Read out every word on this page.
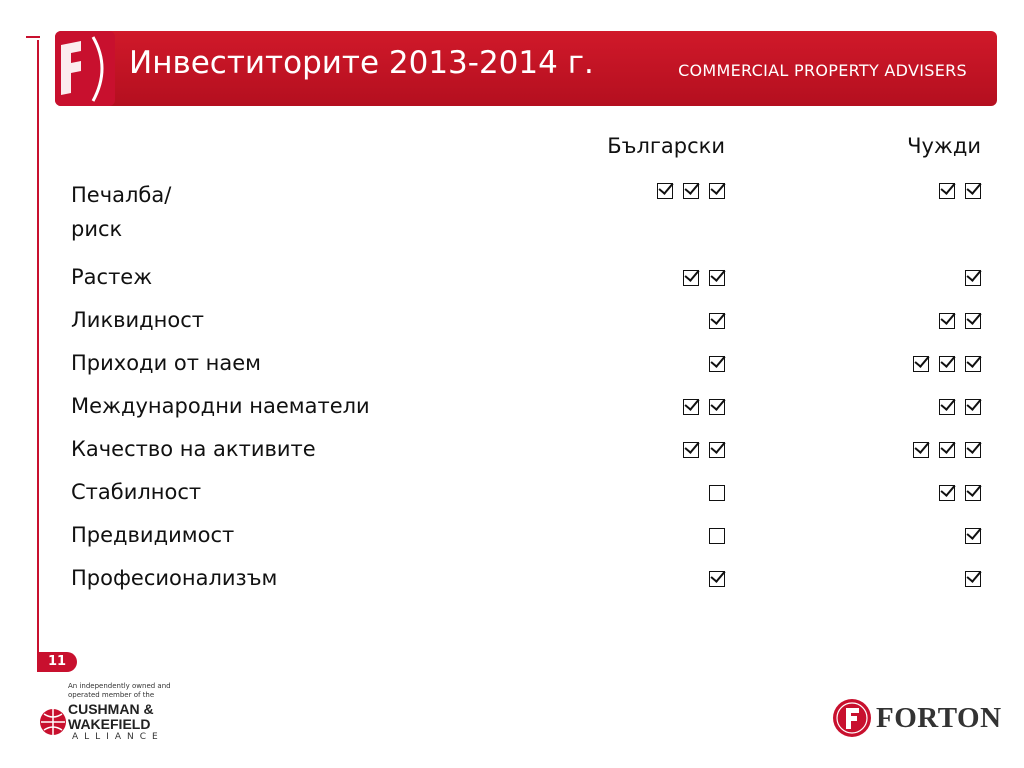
Инвеститорите 2013-2014 г.	COMMERCIAL PROPERTY ADVISERS
Български	Чужди
Печалба/ риск
Растеж
Ликвидност
Приходи от наем
Международни наематели
Качество на активите
Стабилност
Предвидимост
Професионализъм
11
An independently owned and operated member of the
CUSHMAN &
WAKEFIELD
ALLIANCE
FORTON
